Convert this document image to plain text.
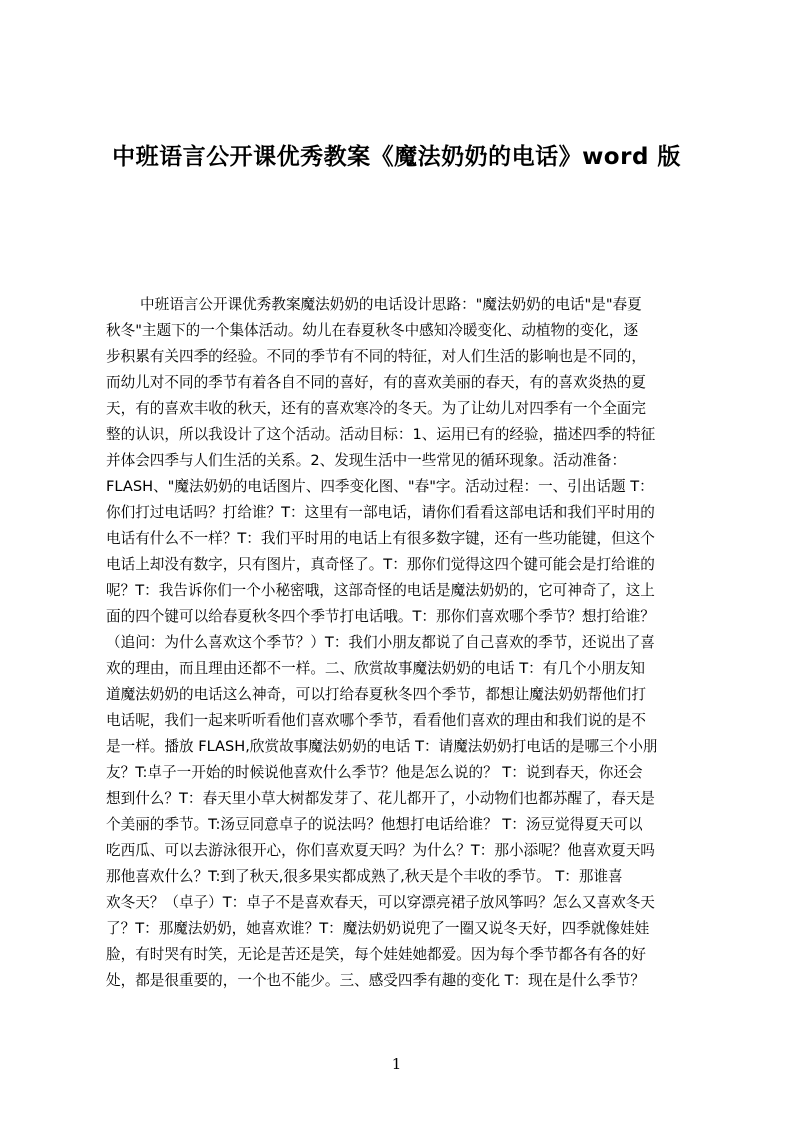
中班语言公开课优秀教案《魔法奶奶的电话》word 版
中班语言公开课优秀教案魔法奶奶的电话设计思路："魔法奶奶的电话"是"春夏
秋冬"主题下的一个集体活动。幼儿在春夏秋冬中感知冷暖变化、动植物的变化，逐
步积累有关四季的经验。不同的季节有不同的特征，对人们生活的影响也是不同的，
而幼儿对不同的季节有着各自不同的喜好，有的喜欢美丽的春天，有的喜欢炎热的夏
天，有的喜欢丰收的秋天，还有的喜欢寒冷的冬天。为了让幼儿对四季有一个全面完
整的认识，所以我设计了这个活动。活动目标：1、运用已有的经验，描述四季的特征
并体会四季与人们生活的关系。2、发现生活中一些常见的循环现象。活动准备：
FLASH、"魔法奶奶的电话图片、四季变化图、"春"字。活动过程：一、引出话题 T：
你们打过电话吗？打给谁？T：这里有一部电话，请你们看看这部电话和我们平时用的
电话有什么不一样？T：我们平时用的电话上有很多数字键，还有一些功能键，但这个
电话上却没有数字，只有图片，真奇怪了。T：那你们觉得这四个键可能会是打给谁的
呢？T：我告诉你们一个小秘密哦，这部奇怪的电话是魔法奶奶的，它可神奇了，这上
面的四个键可以给春夏秋冬四个季节打电话哦。T：那你们喜欢哪个季节？想打给谁？
（追问：为什么喜欢这个季节？）T：我们小朋友都说了自己喜欢的季节，还说出了喜
欢的理由，而且理由还都不一样。二、欣赏故事魔法奶奶的电话 T：有几个小朋友知
道魔法奶奶的电话这么神奇，可以打给春夏秋冬四个季节，都想让魔法奶奶帮他们打
电话呢，我们一起来听听看他们喜欢哪个季节，看看他们喜欢的理由和我们说的是不
是一样。播放 FLASH,欣赏故事魔法奶奶的电话 T：请魔法奶奶打电话的是哪三个小朋
友？T:卓子一开始的时候说他喜欢什么季节？他是怎么说的？ T：说到春天，你还会
想到什么？T：春天里小草大树都发芽了、花儿都开了，小动物们也都苏醒了，春天是
个美丽的季节。T:汤豆同意卓子的说法吗？他想打电话给谁？ T：汤豆觉得夏天可以
吃西瓜、可以去游泳很开心，你们喜欢夏天吗？为什么？T：那小添呢？他喜欢夏天吗
那他喜欢什么？T:到了秋天,很多果实都成熟了,秋天是个丰收的季节。 T：那谁喜
欢冬天？（卓子）T：卓子不是喜欢春天，可以穿漂亮裙子放风筝吗？怎么又喜欢冬天
了？T：那魔法奶奶，她喜欢谁？T：魔法奶奶说兜了一圈又说冬天好，四季就像娃娃
脸，有时哭有时笑，无论是苦还是笑，每个娃娃她都爱。因为每个季节都各有各的好
处，都是很重要的，一个也不能少。三、感受四季有趣的变化 T：现在是什么季节？
1
